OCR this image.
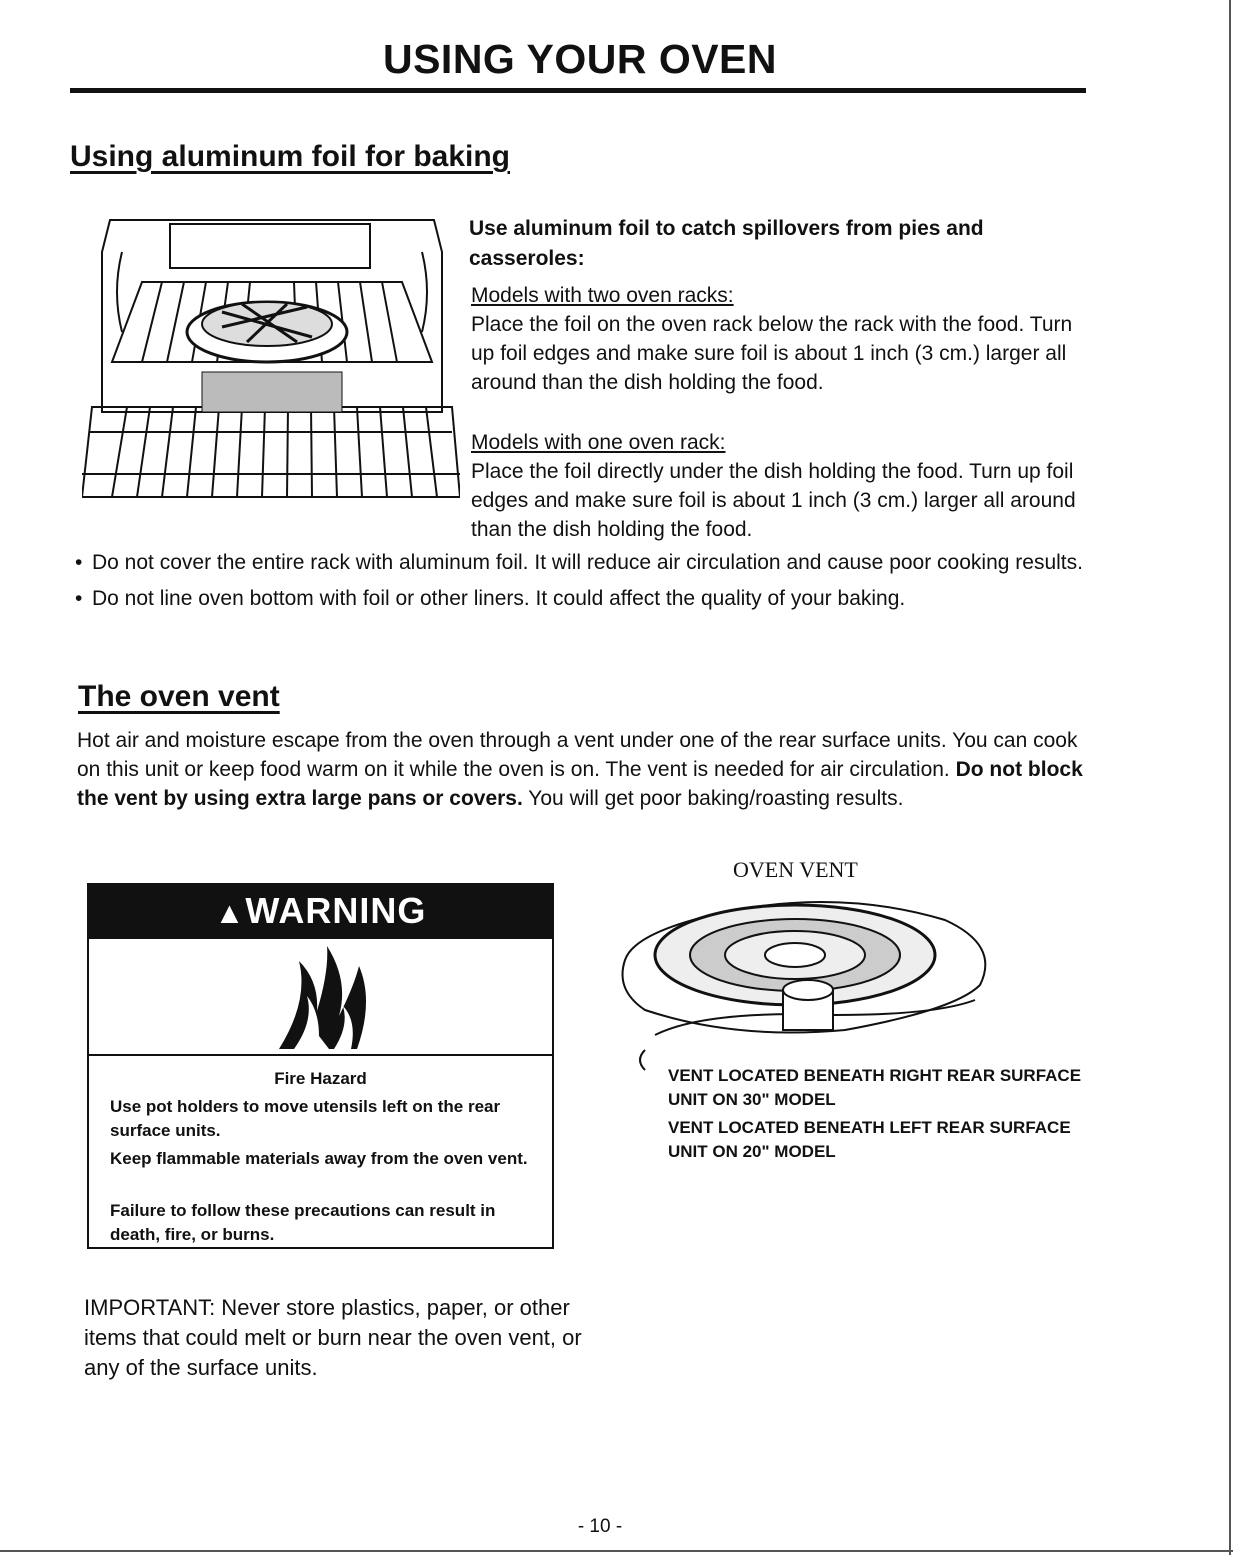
USING YOUR OVEN
Using aluminum foil for baking
Use aluminum foil to catch spillovers from pies and casseroles:

Models with two oven racks:

Place the foil on the oven rack below the rack with the food. Turn up foil edges and make sure foil is about 1 inch (3 cm.) larger all around than the dish holding the food.

Models with one oven rack:

Place the foil directly under the dish holding the food. Turn up foil edges and make sure foil is about 1 inch (3 cm.) larger all around than the dish holding the food.

• Do not cover the entire rack with aluminum foil. It will reduce air circulation and cause poor cooking results.
• Do not line oven bottom with foil or other liners. It could affect the quality of your baking.
The oven vent
Hot air and moisture escape from the oven through a vent under one of the rear surface units. You can cook on this unit or keep food warm on it while the oven is on. The vent is needed for air circulation. Do not block the vent by using extra large pans or covers. You will get poor baking/roasting results.
OVEN VENT
▲WARNING
Fire Hazard
Use pot holders to move utensils left on the rear surface units.
Keep flammable materials away from the oven vent.
Failure to follow these precautions can result in death, fire, or burns.

VENT LOCATED BENEATH RIGHT REAR SURFACE UNIT ON 30" MODEL

VENT LOCATED BENEATH LEFT REAR SURFACE UNIT ON 20" MODEL

IMPORTANT: Never store plastics, paper, or other items that could melt or burn near the oven vent, or any of the surface units.
- 10 -
